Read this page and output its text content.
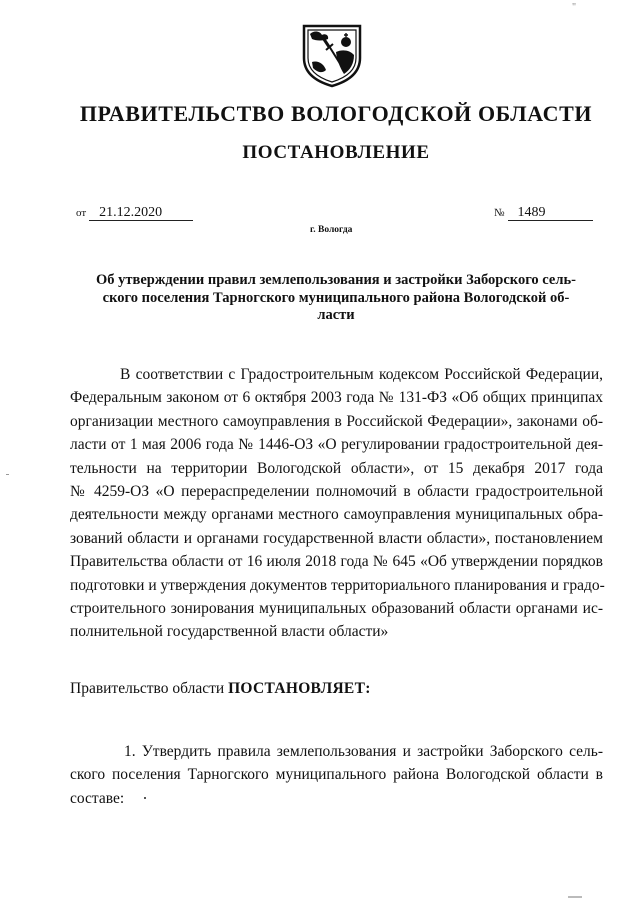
"
ПРАВИТЕЛЬСТВО ВОЛОГОДСКОЙ ОБЛАСТИ
ПОСТАНОВЛЕНИЕ
от 21.12.2020	№ 1489
г. Вологда
Об утверждении правил землепользования и застройки Заборского сель-
ского поселения Тарногского муниципального района Вологодской об-
ласти
В соответствии с Градостроительным кодексом Российской Федерации,
Федеральным законом от 6 октября 2003 года № 131-ФЗ «Об общих принципах
организации местного самоуправления в Российской Федерации», законами об-
ласти от 1 мая 2006 года № 1446-ОЗ «О регулировании градостроительной дея-
тельности на территории Вологодской области», от 15 декабря 2017 года
№ 4259-ОЗ «О перераспределении полномочий в области градостроительной
деятельности между органами местного самоуправления муниципальных обра-
зований области и органами государственной власти области», постановлением
Правительства области от 16 июля 2018 года № 645 «Об утверждении порядков
подготовки и утверждения документов территориального планирования и градо-
строительного зонирования муниципальных образований области органами ис-
полнительной государственной власти области»
Правительство области ПОСТАНОВЛЯЕТ:
1. Утвердить правила землепользования и застройки Заборского сель-
ского поселения Тарногского муниципального района Вологодской области в
составе:
